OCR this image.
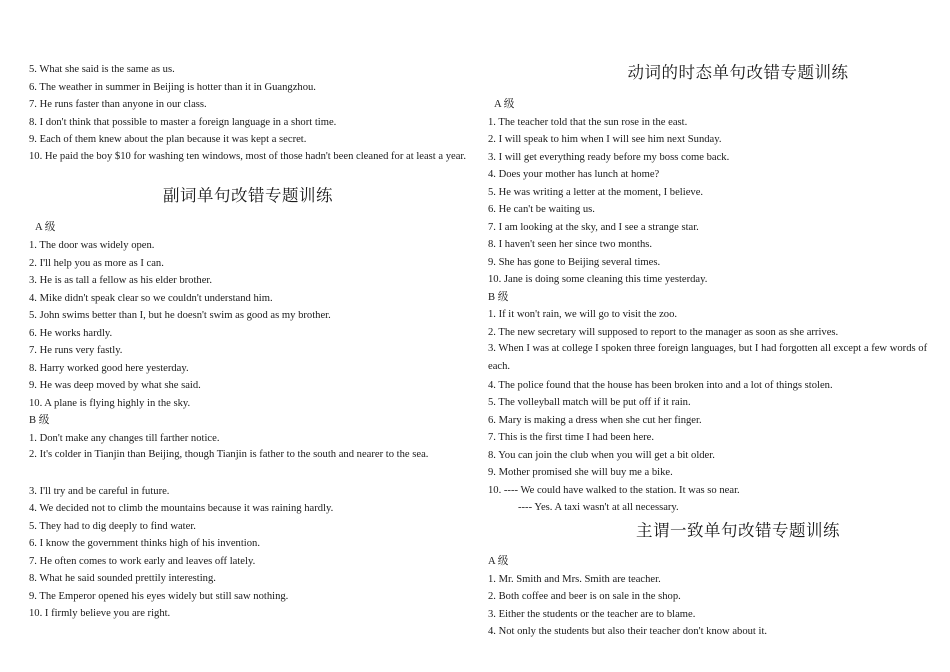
5. What she said is the same as us.
6. The weather in summer in Beijing is hotter than it in Guangzhou.
7. He runs faster than anyone in our class.
8. I don't think that possible to master a foreign language in a short time.
9. Each of them knew about the plan because it was kept a secret.
10. He paid the boy $10 for washing ten windows, most of those hadn't been cleaned for at least a year.
副词单句改错专题训练
A 级
1. The door was widely open.
2. I'll help you as more as I can.
3. He is as tall a fellow as his elder brother.
4. Mike didn't speak clear so we couldn't understand him.
5. John swims better than I, but he doesn't swim as good as my brother.
6. He works hardly.
7. He runs very fastly.
8. Harry worked good here yesterday.
9. He was deep moved by what she said.
10. A plane is flying highly in the sky.
B 级
1. Don't make any changes till farther notice.
2. It's colder in Tianjin than Beijing, though Tianjin is father to the south and nearer to the sea.
3. I'll try and be careful in future.
4. We decided not to climb the mountains because it was raining hardly.
5. They had to dig deeply to find water.
6. I know the government thinks high of his invention.
7. He often comes to work early and leaves off lately.
8. What he said sounded prettily interesting.
9. The Emperor opened his eyes widely but still saw nothing.
10. I firmly believe you are right.
动词的时态单句改错专题训练
A 级
1. The teacher told that the sun rose in the east.
2. I will speak to him when I will see him next Sunday.
3. I will get everything ready before my boss come back.
4. Does your mother has lunch at home?
5. He was writing a letter at the moment, I believe.
6. He can't be waiting us.
7. I am looking at the sky, and I see a strange star.
8. I haven't seen her since two months.
9. She has gone to Beijing several times.
10. Jane is doing some cleaning this time yesterday.
B 级
1. If it won't rain, we will go to visit the zoo.
2. The new secretary will supposed to report to the manager as soon as she arrives.
3. When I was at college I spoken three foreign languages, but I had forgotten all except a few words of each.
4. The police found that the house has been broken into and a lot of things stolen.
5. The volleyball match will be put off if it rain.
6. Mary is making a dress when she cut her finger.
7. This is the first time I had been here.
8. You can join the club when you will get a bit older.
9. Mother promised she will buy me a bike.
10. ---- We could have walked to the station. It was so near.
---- Yes. A taxi wasn't at all necessary.
主谓一致单句改错专题训练
A 级
1. Mr. Smith and Mrs. Smith are teacher.
2. Both coffee and beer is on sale in the shop.
3. Either the students or the teacher are to blame.
4. Not only the students but also their teacher don't know about it.
